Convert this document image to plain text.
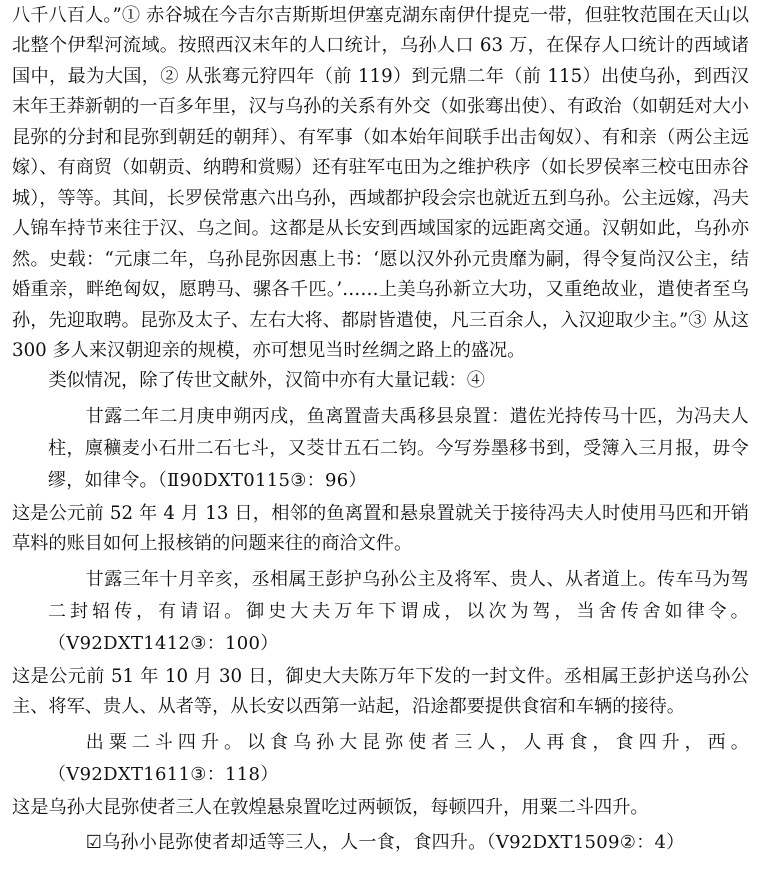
八千八百人。”① 赤谷城在今吉尔吉斯斯坦伊塞克湖东南伊什提克一带，但驻牧范围在天山以北整个伊犁河流域。按照西汉末年的人口统计，乌孙人口 63 万，在保存人口统计的西域诸国中，最为大国，② 从张骞元狩四年（前 119）到元鼎二年（前 115）出使乌孙，到西汉末年王莽新朝的一百多年里，汉与乌孙的关系有外交（如张骞出使）、有政治（如朝廷对大小昆弥的分封和昆弥到朝廷的朝拜）、有军事（如本始年间联手出击匈奴）、有和亲（两公主远嫁）、有商贸（如朝贡、纳聘和赏赐）还有驻军屯田为之维护秩序（如长罗侯率三校屯田赤谷城），等等。其间，长罗侯常惠六出乌孙，西域都护段会宗也就近五到乌孙。公主远嫁，冯夫人锦车持节来往于汉、乌之间。这都是从长安到西域国家的远距离交通。汉朝如此，乌孙亦然。史载：“元康二年，乌孙昆弥因惠上书：‘愿以汉外孙元贵靡为嗣，得令复尚汉公主，结婚重亲，畔绝匈奴，愿聘马、骡各千匹。’……上美乌孙新立大功，又重绝故业，遣使者至乌孙，先迎取聘。昆弥及太子、左右大将、都尉皆遣使，凡三百余人，入汉迎取少主。”③ 从这 300 多人来汉朝迎亲的规模，亦可想见当时丝绸之路上的盛况。

类似情况，除了传世文献外，汉简中亦有大量记载：④

甘露二年二月庚申朔丙戌，鱼离置啬夫禹移县泉置：遣佐光持传马十匹，为冯夫人柱，廪穬麦小石卅二石七斗，又茭廿五石二钧。今写券墨移书到，受簿入三月报，毋令缪，如律令。（Ⅱ90DXT0115③：96）

这是公元前 52 年 4 月 13 日，相邻的鱼离置和悬泉置就关于接待冯夫人时使用马匹和开销草料的账目如何上报核销的问题来往的商洽文件。

甘露三年十月辛亥，丞相属王彭护乌孙公主及将军、贵人、从者道上。传车马为驾二封轺传，有请诏。御史大夫万年下谓成，以次为驾，当舍传舍如律令。（Ⅴ92DXT1412③：100）

这是公元前 51 年 10 月 30 日，御史大夫陈万年下发的一封文件。丞相属王彭护送乌孙公主、将军、贵人、从者等，从长安以西第一站起，沿途都要提供食宿和车辆的接待。

出粟二斗四升。以食乌孙大昆弥使者三人，人再食，食四升，西。（Ⅴ92DXT1611③：118）

这是乌孙大昆弥使者三人在敦煌悬泉置吃过两顿饭，每顿四升，用粟二斗四升。

☑乌孙小昆弥使者却适等三人，人一食，食四升。（Ⅴ92DXT1509②：4）
